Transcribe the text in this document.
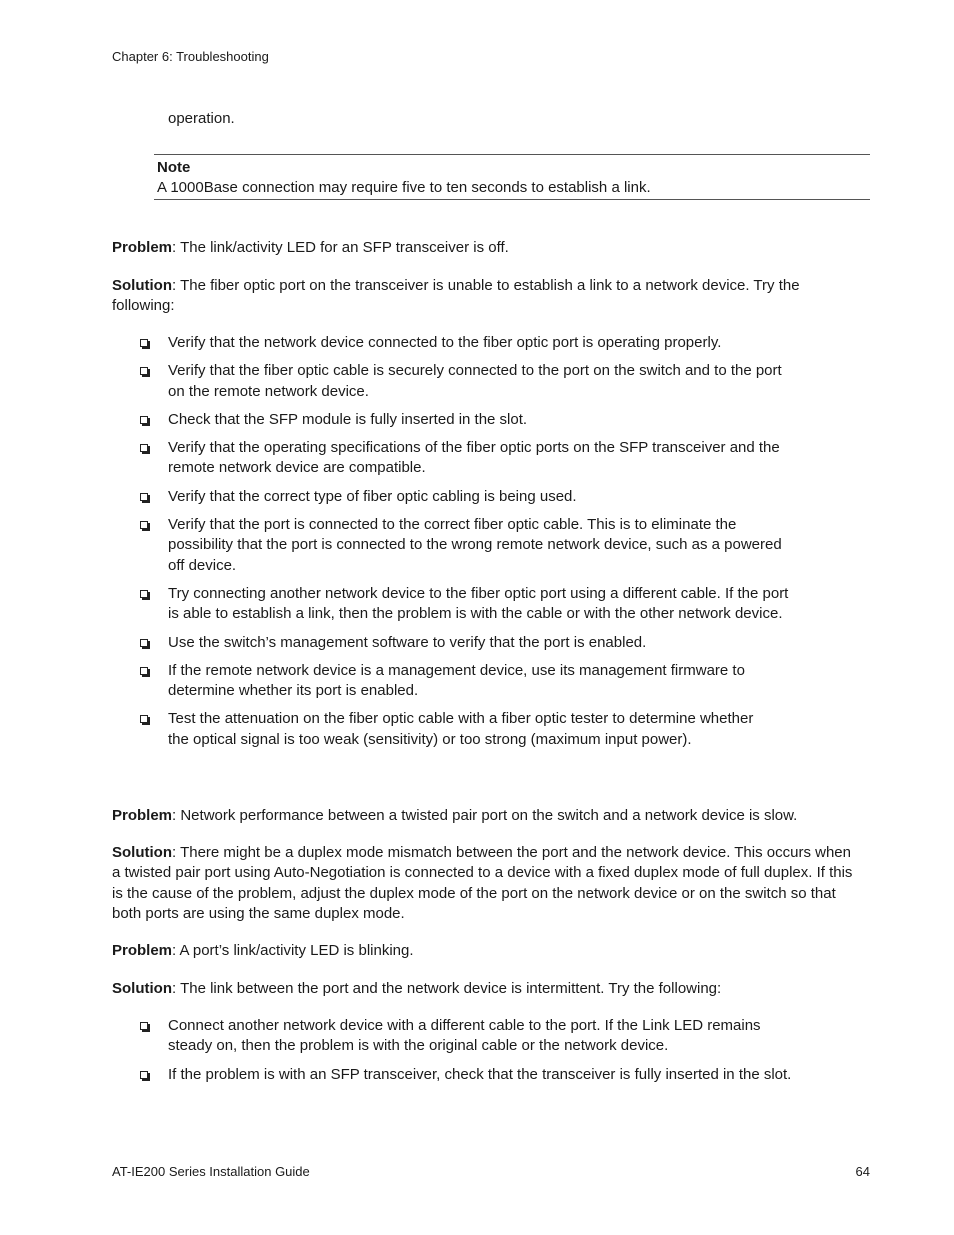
Chapter 6: Troubleshooting
operation.
Note
A 1000Base connection may require five to ten seconds to establish a link.
Problem: The link/activity LED for an SFP transceiver is off.
Solution: The fiber optic port on the transceiver is unable to establish a link to a network device. Try the following:
Verify that the network device connected to the fiber optic port is operating properly.
Verify that the fiber optic cable is securely connected to the port on the switch and to the port on the remote network device.
Check that the SFP module is fully inserted in the slot.
Verify that the operating specifications of the fiber optic ports on the SFP transceiver and the remote network device are compatible.
Verify that the correct type of fiber optic cabling is being used.
Verify that the port is connected to the correct fiber optic cable. This is to eliminate the possibility that the port is connected to the wrong remote network device, such as a powered off device.
Try connecting another network device to the fiber optic port using a different cable. If the port is able to establish a link, then the problem is with the cable or with the other network device.
Use the switch’s management software to verify that the port is enabled.
If the remote network device is a management device, use its management firmware to determine whether its port is enabled.
Test the attenuation on the fiber optic cable with a fiber optic tester to determine whether the optical signal is too weak (sensitivity) or too strong (maximum input power).
Problem: Network performance between a twisted pair port on the switch and a network device is slow.
Solution: There might be a duplex mode mismatch between the port and the network device. This occurs when a twisted pair port using Auto-Negotiation is connected to a device with a fixed duplex mode of full duplex. If this is the cause of the problem, adjust the duplex mode of the port on the network device or on the switch so that both ports are using the same duplex mode.
Problem: A port’s link/activity LED is blinking.
Solution: The link between the port and the network device is intermittent. Try the following:
Connect another network device with a different cable to the port. If the Link LED remains steady on, then the problem is with the original cable or the network device.
If the problem is with an SFP transceiver, check that the transceiver is fully inserted in the slot.
AT-IE200 Series Installation Guide	64
